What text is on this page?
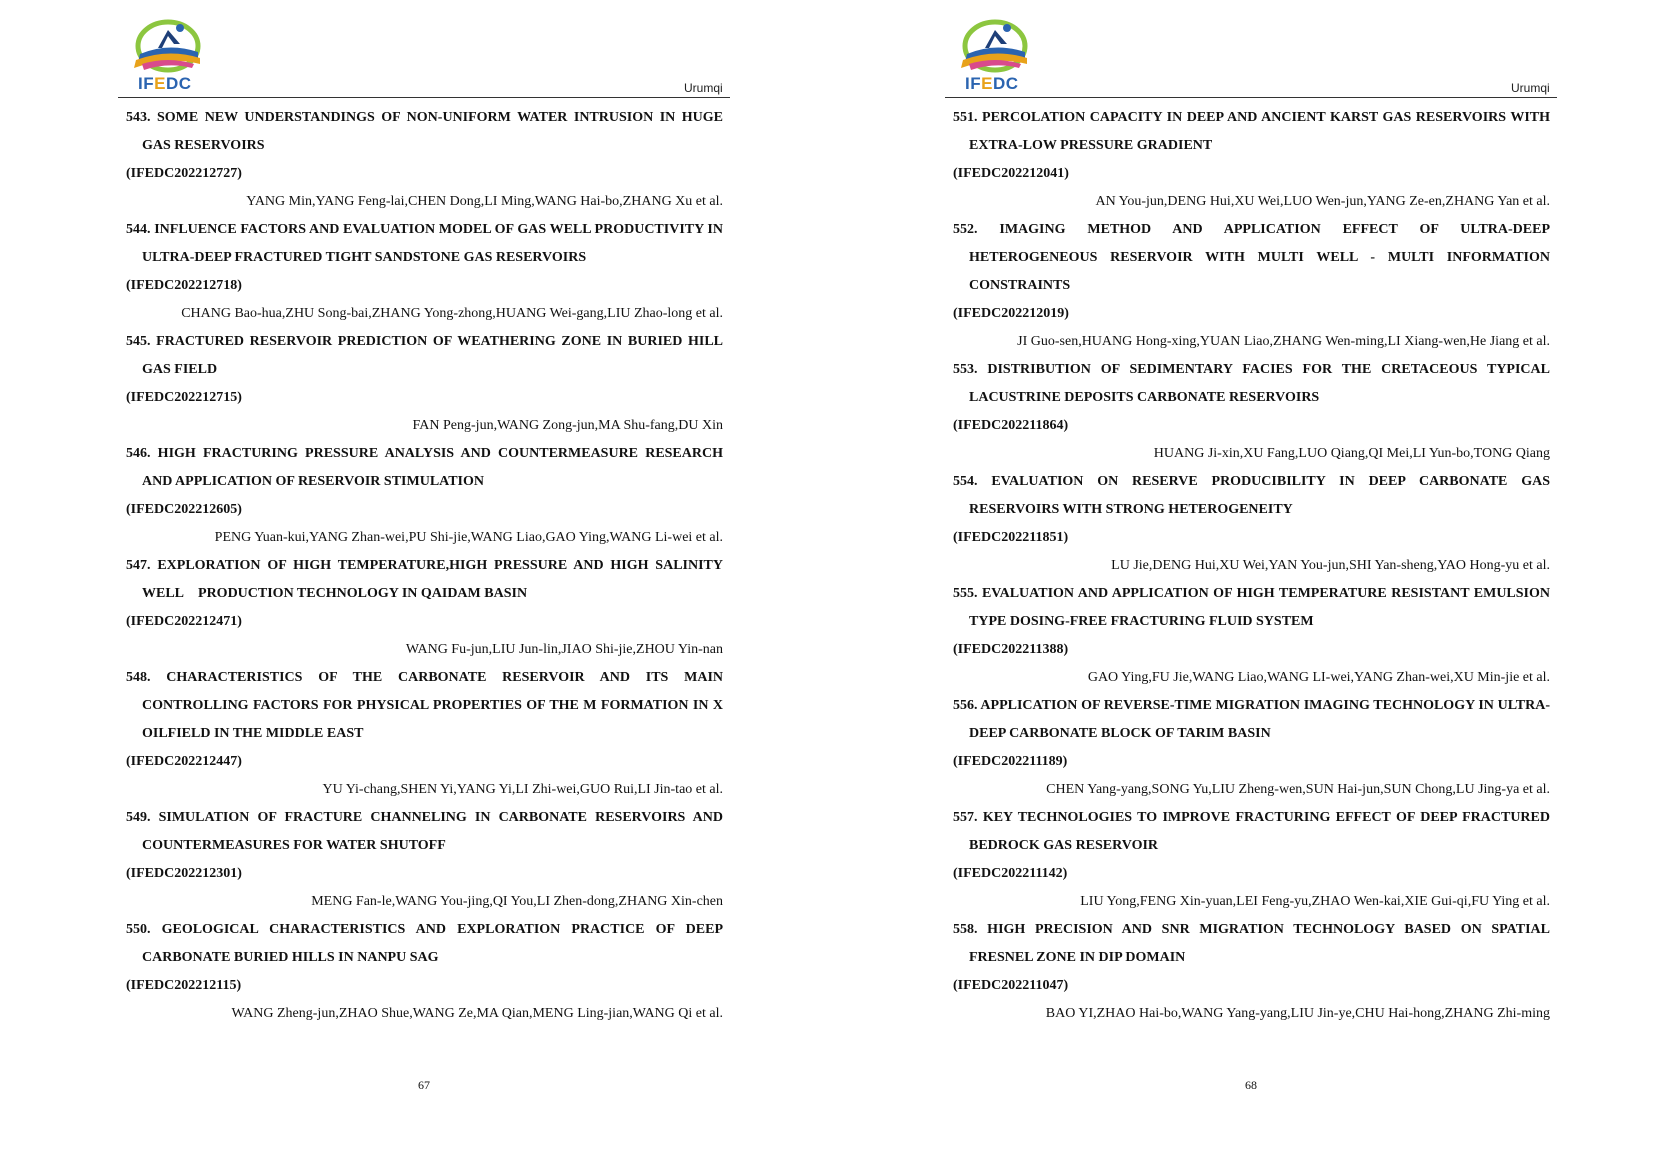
IFEDC	Urumqi

543. SOME NEW UNDERSTANDINGS OF NON-UNIFORM WATER INTRUSION IN HUGE GAS RESERVOIRS

(IFEDC202212727)

YANG Min,YANG Feng-lai,CHEN Dong,LI Ming,WANG Hai-bo,ZHANG Xu et al.

544. INFLUENCE FACTORS AND EVALUATION MODEL OF GAS WELL PRODUCTIVITY IN ULTRA-DEEP FRACTURED TIGHT SANDSTONE GAS RESERVOIRS

(IFEDC202212718)

CHANG Bao-hua,ZHU Song-bai,ZHANG Yong-zhong,HUANG Wei-gang,LIU Zhao-long et al.

545. FRACTURED RESERVOIR PREDICTION OF WEATHERING ZONE IN BURIED HILL GAS FIELD

(IFEDC202212715)

FAN Peng-jun,WANG Zong-jun,MA Shu-fang,DU Xin

546. HIGH FRACTURING PRESSURE ANALYSIS AND COUNTERMEASURE RESEARCH AND APPLICATION OF RESERVOIR STIMULATION

(IFEDC202212605)

PENG Yuan-kui,YANG Zhan-wei,PU Shi-jie,WANG Liao,GAO Ying,WANG Li-wei et al.

547. EXPLORATION OF HIGH TEMPERATURE,HIGH PRESSURE AND HIGH SALINITY WELL    PRODUCTION TECHNOLOGY IN QAIDAM BASIN

(IFEDC202212471)

WANG Fu-jun,LIU Jun-lin,JIAO Shi-jie,ZHOU Yin-nan

548. CHARACTERISTICS OF THE CARBONATE RESERVOIR AND ITS MAIN CONTROLLING FACTORS FOR PHYSICAL PROPERTIES OF THE M FORMATION IN X OILFIELD IN THE MIDDLE EAST

(IFEDC202212447)

YU Yi-chang,SHEN Yi,YANG Yi,LI Zhi-wei,GUO Rui,LI Jin-tao et al.

549. SIMULATION OF FRACTURE CHANNELING IN CARBONATE RESERVOIRS AND COUNTERMEASURES FOR WATER SHUTOFF

(IFEDC202212301)

MENG Fan-le,WANG You-jing,QI You,LI Zhen-dong,ZHANG Xin-chen

550. GEOLOGICAL CHARACTERISTICS AND EXPLORATION PRACTICE OF DEEP CARBONATE BURIED HILLS IN NANPU SAG

(IFEDC202212115)

WANG Zheng-jun,ZHAO Shue,WANG Ze,MA Qian,MENG Ling-jian,WANG Qi et al.

67
IFEDC	Urumqi

551. PERCOLATION CAPACITY IN DEEP AND ANCIENT KARST GAS RESERVOIRS WITH EXTRA-LOW PRESSURE GRADIENT

(IFEDC202212041)

AN You-jun,DENG Hui,XU Wei,LUO Wen-jun,YANG Ze-en,ZHANG Yan et al.

552. IMAGING METHOD AND APPLICATION EFFECT OF ULTRA-DEEP HETEROGENEOUS RESERVOIR WITH MULTI WELL - MULTI INFORMATION CONSTRAINTS

(IFEDC202212019)

JI Guo-sen,HUANG Hong-xing,YUAN Liao,ZHANG Wen-ming,LI Xiang-wen,He Jiang et al.

553. DISTRIBUTION OF SEDIMENTARY FACIES FOR THE CRETACEOUS TYPICAL LACUSTRINE DEPOSITS CARBONATE RESERVOIRS

(IFEDC202211864)

HUANG Ji-xin,XU Fang,LUO Qiang,QI Mei,LI Yun-bo,TONG Qiang

554. EVALUATION ON RESERVE PRODUCIBILITY IN DEEP CARBONATE GAS RESERVOIRS WITH STRONG HETEROGENEITY

(IFEDC202211851)

LU Jie,DENG Hui,XU Wei,YAN You-jun,SHI Yan-sheng,YAO Hong-yu et al.

555. EVALUATION AND APPLICATION OF HIGH TEMPERATURE RESISTANT EMULSION TYPE DOSING-FREE FRACTURING FLUID SYSTEM

(IFEDC202211388)

GAO Ying,FU Jie,WANG Liao,WANG LI-wei,YANG Zhan-wei,XU Min-jie et al.

556. APPLICATION OF REVERSE-TIME MIGRATION IMAGING TECHNOLOGY IN ULTRA-DEEP CARBONATE BLOCK OF TARIM BASIN

(IFEDC202211189)

CHEN Yang-yang,SONG Yu,LIU Zheng-wen,SUN Hai-jun,SUN Chong,LU Jing-ya et al.

557. KEY TECHNOLOGIES TO IMPROVE FRACTURING EFFECT OF DEEP FRACTURED BEDROCK GAS RESERVOIR

(IFEDC202211142)

LIU Yong,FENG Xin-yuan,LEI Feng-yu,ZHAO Wen-kai,XIE Gui-qi,FU Ying et al.

558. HIGH PRECISION AND SNR MIGRATION TECHNOLOGY BASED ON SPATIAL FRESNEL ZONE IN DIP DOMAIN

(IFEDC202211047)

BAO YI,ZHAO Hai-bo,WANG Yang-yang,LIU Jin-ye,CHU Hai-hong,ZHANG Zhi-ming

68
